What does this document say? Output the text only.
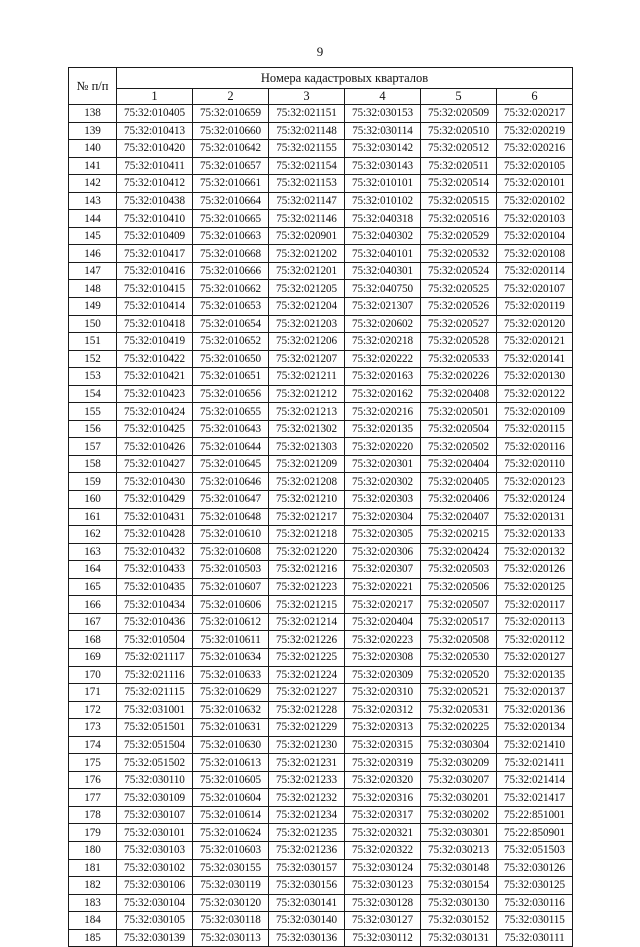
9
№ п/п	Номера кадастровых кварталов					
	1	2	3	4	5	6
138	75:32:010405	75:32:010659	75:32:021151	75:32:030153	75:32:020509	75:32:020217
139	75:32:010413	75:32:010660	75:32:021148	75:32:030114	75:32:020510	75:32:020219
140	75:32:010420	75:32:010642	75:32:021155	75:32:030142	75:32:020512	75:32:020216
141	75:32:010411	75:32:010657	75:32:021154	75:32:030143	75:32:020511	75:32:020105
142	75:32:010412	75:32:010661	75:32:021153	75:32:010101	75:32:020514	75:32:020101
143	75:32:010438	75:32:010664	75:32:021147	75:32:010102	75:32:020515	75:32:020102
144	75:32:010410	75:32:010665	75:32:021146	75:32:040318	75:32:020516	75:32:020103
145	75:32:010409	75:32:010663	75:32:020901	75:32:040302	75:32:020529	75:32:020104
146	75:32:010417	75:32:010668	75:32:021202	75:32:040101	75:32:020532	75:32:020108
147	75:32:010416	75:32:010666	75:32:021201	75:32:040301	75:32:020524	75:32:020114
148	75:32:010415	75:32:010662	75:32:021205	75:32:040750	75:32:020525	75:32:020107
149	75:32:010414	75:32:010653	75:32:021204	75:32:021307	75:32:020526	75:32:020119
150	75:32:010418	75:32:010654	75:32:021203	75:32:020602	75:32:020527	75:32:020120
151	75:32:010419	75:32:010652	75:32:021206	75:32:020218	75:32:020528	75:32:020121
152	75:32:010422	75:32:010650	75:32:021207	75:32:020222	75:32:020533	75:32:020141
153	75:32:010421	75:32:010651	75:32:021211	75:32:020163	75:32:020226	75:32:020130
154	75:32:010423	75:32:010656	75:32:021212	75:32:020162	75:32:020408	75:32:020122
155	75:32:010424	75:32:010655	75:32:021213	75:32:020216	75:32:020501	75:32:020109
156	75:32:010425	75:32:010643	75:32:021302	75:32:020135	75:32:020504	75:32:020115
157	75:32:010426	75:32:010644	75:32:021303	75:32:020220	75:32:020502	75:32:020116
158	75:32:010427	75:32:010645	75:32:021209	75:32:020301	75:32:020404	75:32:020110
159	75:32:010430	75:32:010646	75:32:021208	75:32:020302	75:32:020405	75:32:020123
160	75:32:010429	75:32:010647	75:32:021210	75:32:020303	75:32:020406	75:32:020124
161	75:32:010431	75:32:010648	75:32:021217	75:32:020304	75:32:020407	75:32:020131
162	75:32:010428	75:32:010610	75:32:021218	75:32:020305	75:32:020215	75:32:020133
163	75:32:010432	75:32:010608	75:32:021220	75:32:020306	75:32:020424	75:32:020132
164	75:32:010433	75:32:010503	75:32:021216	75:32:020307	75:32:020503	75:32:020126
165	75:32:010435	75:32:010607	75:32:021223	75:32:020221	75:32:020506	75:32:020125
166	75:32:010434	75:32:010606	75:32:021215	75:32:020217	75:32:020507	75:32:020117
167	75:32:010436	75:32:010612	75:32:021214	75:32:020404	75:32:020517	75:32:020113
168	75:32:010504	75:32:010611	75:32:021226	75:32:020223	75:32:020508	75:32:020112
169	75:32:021117	75:32:010634	75:32:021225	75:32:020308	75:32:020530	75:32:020127
170	75:32:021116	75:32:010633	75:32:021224	75:32:020309	75:32:020520	75:32:020135
171	75:32:021115	75:32:010629	75:32:021227	75:32:020310	75:32:020521	75:32:020137
172	75:32:031001	75:32:010632	75:32:021228	75:32:020312	75:32:020531	75:32:020136
173	75:32:051501	75:32:010631	75:32:021229	75:32:020313	75:32:020225	75:32:020134
174	75:32:051504	75:32:010630	75:32:021230	75:32:020315	75:32:030304	75:32:021410
175	75:32:051502	75:32:010613	75:32:021231	75:32:020319	75:32:030209	75:32:021411
176	75:32:030110	75:32:010605	75:32:021233	75:32:020320	75:32:030207	75:32:021414
177	75:32:030109	75:32:010604	75:32:021232	75:32:020316	75:32:030201	75:32:021417
178	75:32:030107	75:32:010614	75:32:021234	75:32:020317	75:32:030202	75:22:851001
179	75:32:030101	75:32:010624	75:32:021235	75:32:020321	75:32:030301	75:22:850901
180	75:32:030103	75:32:010603	75:32:021236	75:32:020322	75:32:030213	75:32:051503
181	75:32:030102	75:32:030155	75:32:030157	75:32:030124	75:32:030148	75:32:030126
182	75:32:030106	75:32:030119	75:32:030156	75:32:030123	75:32:030154	75:32:030125
183	75:32:030104	75:32:030120	75:32:030141	75:32:030128	75:32:030130	75:32:030116
184	75:32:030105	75:32:030118	75:32:030140	75:32:030127	75:32:030152	75:32:030115
185	75:32:030139	75:32:030113	75:32:030136	75:32:030112	75:32:030131	75:32:030111
